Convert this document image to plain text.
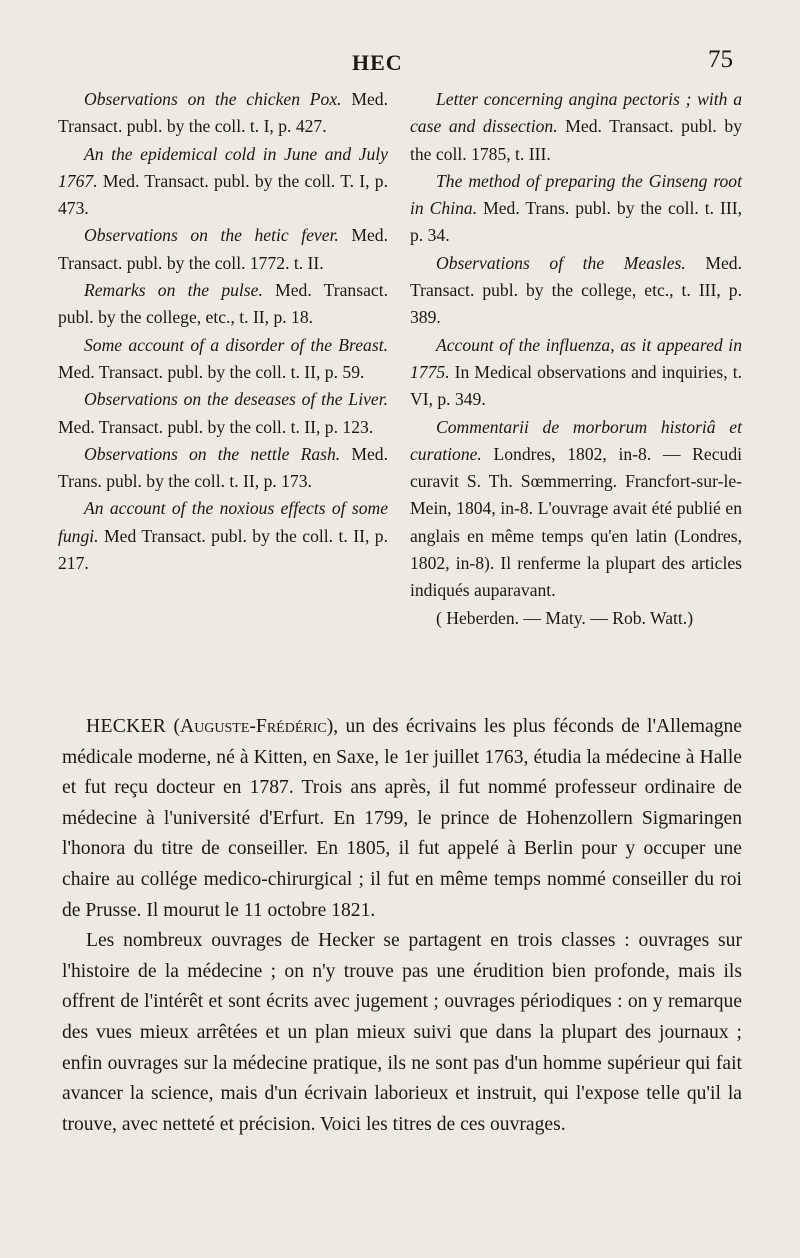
HEC	75

Observations on the chicken Pox. Med. Transact. publ. by the coll. t. I, p. 427.

An the epidemical cold in June and July 1767. Med. Transact. publ. by the coll. T. I, p. 473.

Observations on the hetic fever. Med. Transact. publ. by the coll. 1772. t. II.

Remarks on the pulse. Med. Transact. publ. by the college, etc., t. II, p. 18.

Some account of a disorder of the Breast. Med. Transact. publ. by the coll. t. II, p. 59.

Observations on the deseases of the Liver. Med. Transact. publ. by the coll. t. II, p. 123.

Observations on the nettle Rash. Med. Trans. publ. by the coll. t. II, p. 173.

An account of the noxious effects of some fungi. Med Transact. publ. by the coll. t. II, p. 217.

Letter concerning angina pectoris ; with a case and dissection. Med. Transact. publ. by the coll. 1785, t. III.

The method of preparing the Ginseng root in China. Med. Trans. publ. by the coll. t. III, p. 34.

Observations of the Measles. Med. Transact. publ. by the college, etc., t. III, p. 389.

Account of the influenza, as it appeared in 1775. In Medical observations and inquiries, t. VI, p. 349.

Commentarii de morborum historiâ et curatione. Londres, 1802, in-8. — Recudi curavit S. Th. Sœmmerring. Francfort-sur-le-Mein, 1804, in-8. L'ouvrage avait été publié en anglais en même temps qu'en latin (Londres, 1802, in-8). Il renferme la plupart des articles indiqués auparavant.

( Heberden. — Maty. — Rob. Watt.)

HECKER (Auguste-Frédéric), un des écrivains les plus féconds de l'Allemagne médicale moderne, né à Kitten, en Saxe, le 1er juillet 1763, étudia la médecine à Halle et fut reçu docteur en 1787. Trois ans après, il fut nommé professeur ordinaire de médecine à l'université d'Erfurt. En 1799, le prince de Hohenzollern Sigmaringen l'honora du titre de conseiller. En 1805, il fut appelé à Berlin pour y occuper une chaire au collége medico-chirurgical ; il fut en même temps nommé conseiller du roi de Prusse. Il mourut le 11 octobre 1821.

Les nombreux ouvrages de Hecker se partagent en trois classes : ouvrages sur l'histoire de la médecine ; on n'y trouve pas une érudition bien profonde, mais ils offrent de l'intérêt et sont écrits avec jugement ; ouvrages périodiques : on y remarque des vues mieux arrêtées et un plan mieux suivi que dans la plupart des journaux ; enfin ouvrages sur la médecine pratique, ils ne sont pas d'un homme supérieur qui fait avancer la science, mais d'un écrivain laborieux et instruit, qui l'expose telle qu'il la trouve, avec netteté et précision. Voici les titres de ces ouvrages.
